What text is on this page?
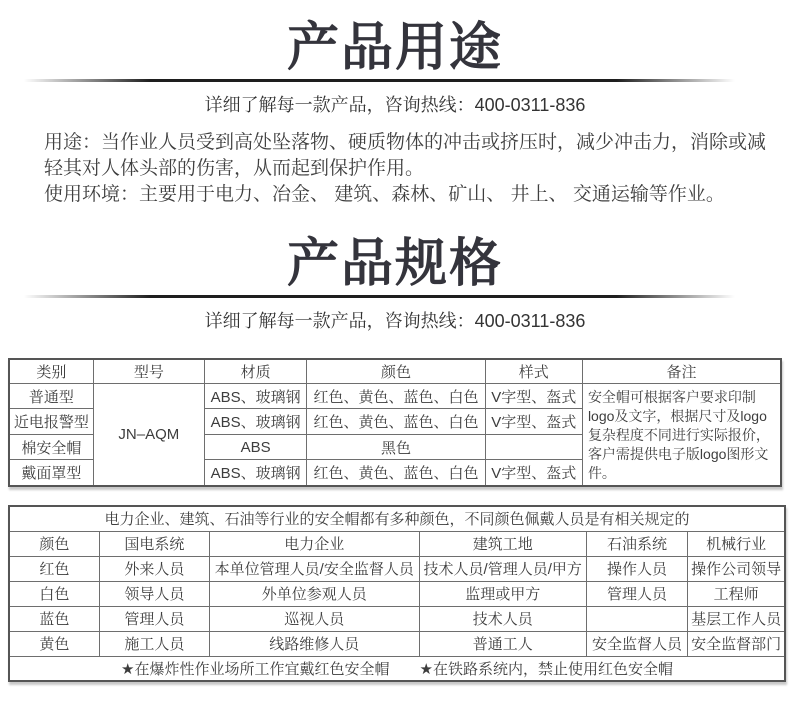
产品用途
详细了解每一款产品，咨询热线：400-0311-836
用途：当作业人员受到高处坠落物、硬质物体的冲击或挤压时，减少冲击力，消除或减轻其对人体头部的伤害，从而起到保护作用。
使用环境：主要用于电力、冶金、 建筑、森林、矿山、 井上、 交通运输等作业。
产品规格
详细了解每一款产品，咨询热线：400-0311-836
类别	型号	材质	颜色	样式	备注
普通型	JN–AQM	ABS、玻璃钢	红色、黄色、蓝色、白色	V字型、盔式	安全帽可根据客户要求印制logo及文字，根据尺寸及logo复杂程度不同进行实际报价，客户需提供电子版logo图形文件。
近电报警型		ABS、玻璃钢	红色、黄色、蓝色、白色	V字型、盔式	
棉安全帽		ABS	黑色		
戴面罩型		ABS、玻璃钢	红色、黄色、蓝色、白色	V字型、盔式	
电力企业、建筑、石油等行业的安全帽都有多种颜色，不同颜色佩戴人员是有相关规定的					
颜色	国电系统	电力企业	建筑工地	石油系统	机械行业
红色	外来人员	本单位管理人员/安全监督人员	技术人员/管理人员/甲方	操作人员	操作公司领导
白色	领导人员	外单位参观人员	监理或甲方	管理人员	工程师
蓝色	管理人员	巡视人员	技术人员		基层工作人员
黄色	施工人员	线路维修人员	普通工人	安全监督人员	安全监督部门
★在爆炸性作业场所工作宜戴红色安全帽　　★在铁路系统内，禁止使用红色安全帽					
